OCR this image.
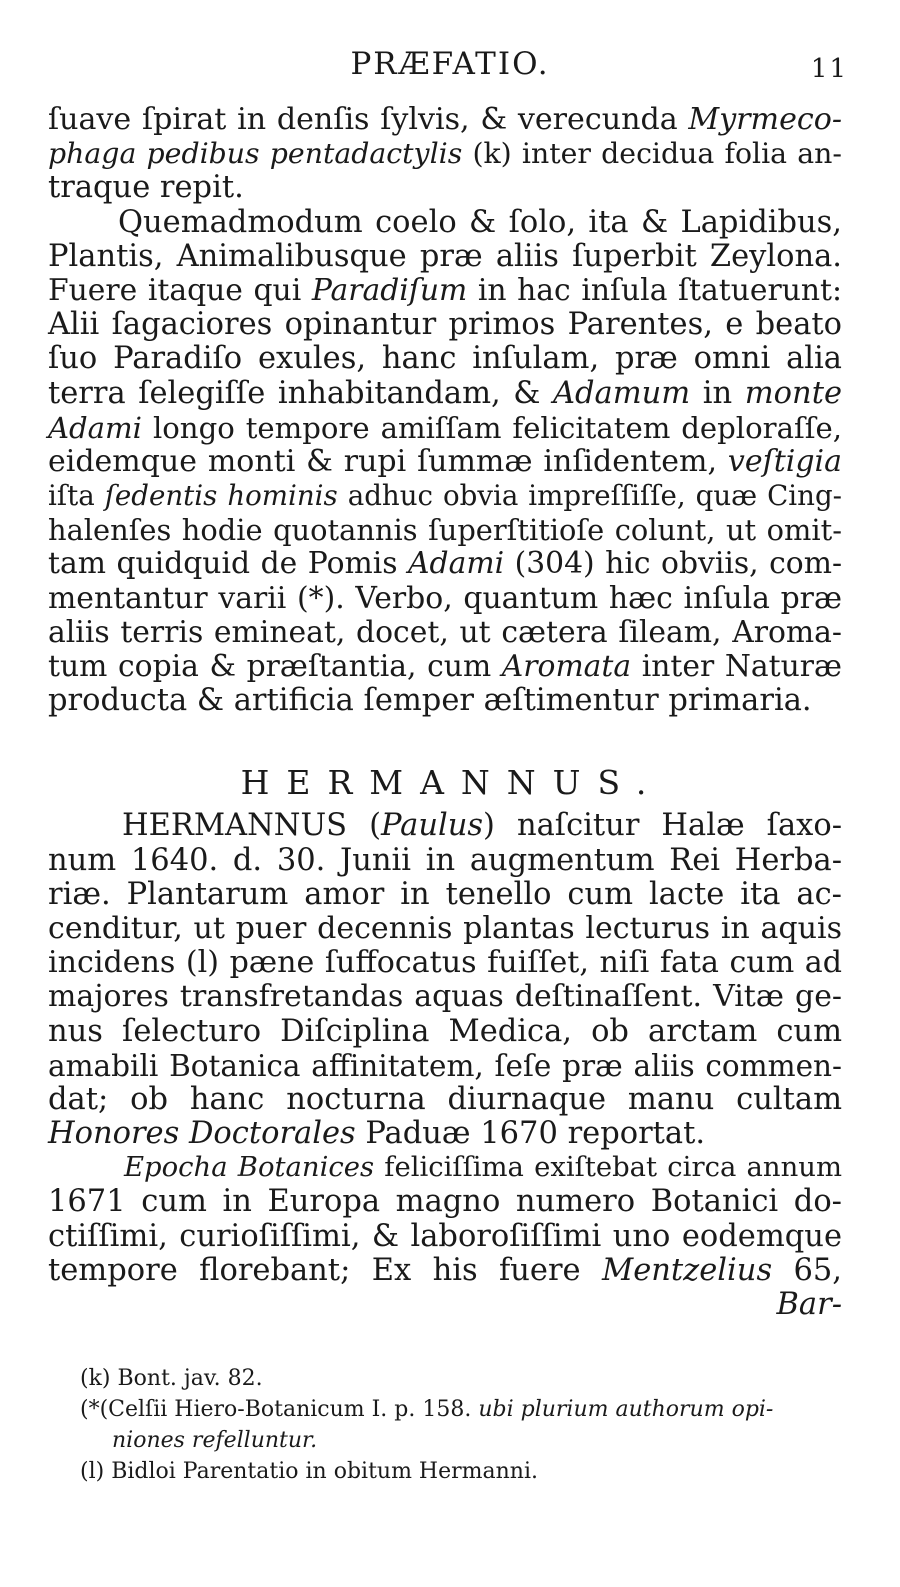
PRÆFATIO.	11
ſuave ſpirat in denſis ſylvis, & verecunda Myrmeco-
phaga pedibus pentadactylis (k) inter decidua folia an-
traque repit.
Quemadmodum coelo & ſolo, ita & Lapidibus,
Plantis, Animalibusque præ aliis ſuperbit Zeylona.
Fuere itaque qui Paradiſum in hac inſula ſtatuerunt:
Alii ſagaciores opinantur primos Parentes, e beato
ſuo Paradiſo exules, hanc inſulam, præ omni alia
terra ſelegiſſe inhabitandam, & Adamum in monte
Adami longo tempore amiſſam felicitatem deploraſſe,
eidemque monti & rupi ſummæ inſidentem, veſtigia
iſta ſedentis hominis adhuc obvia impreſſiſſe, quæ Cing-
halenſes hodie quotannis ſuperſtitioſe colunt, ut omit-
tam quidquid de Pomis Adami (304) hic obviis, com-
mentantur varii (*). Verbo, quantum hæc inſula præ
aliis terris emineat, docet, ut cætera ſileam, Aroma-
tum copia & præſtantia, cum Aromata inter Naturæ
producta & artificia ſemper æſtimentur primaria.
HERMANNUS.
HERMANNUS (Paulus) naſcitur Halæ ſaxo-
num 1640. d. 30. Junii in augmentum Rei Herba-
riæ. Plantarum amor in tenello cum lacte ita ac-
cenditur, ut puer decennis plantas lecturus in aquis
incidens (l) pæne ſuffocatus fuiſſet, niſi fata cum ad
majores transfretandas aquas deſtinaſſent. Vitæ ge-
nus ſelecturo Diſciplina Medica, ob arctam cum
amabili Botanica affinitatem, ſeſe præ aliis commen-
dat; ob hanc nocturna diurnaque manu cultam
Honores Doctorales Paduæ 1670 reportat.
Epocha Botanices feliciſſima exiſtebat circa annum
1671 cum in Europa magno numero Botanici do-
ctiſſimi, curioſiſſimi, & laboroſiſſimi uno eodemque
tempore florebant; Ex his fuere Mentzelius 65,
Bar-
(k) Bont. jav. 82.
(*(Celſii Hiero-Botanicum I. p. 158. ubi plurium authorum opi-
niones refelluntur.
(l) Bidloi Parentatio in obitum Hermanni.
